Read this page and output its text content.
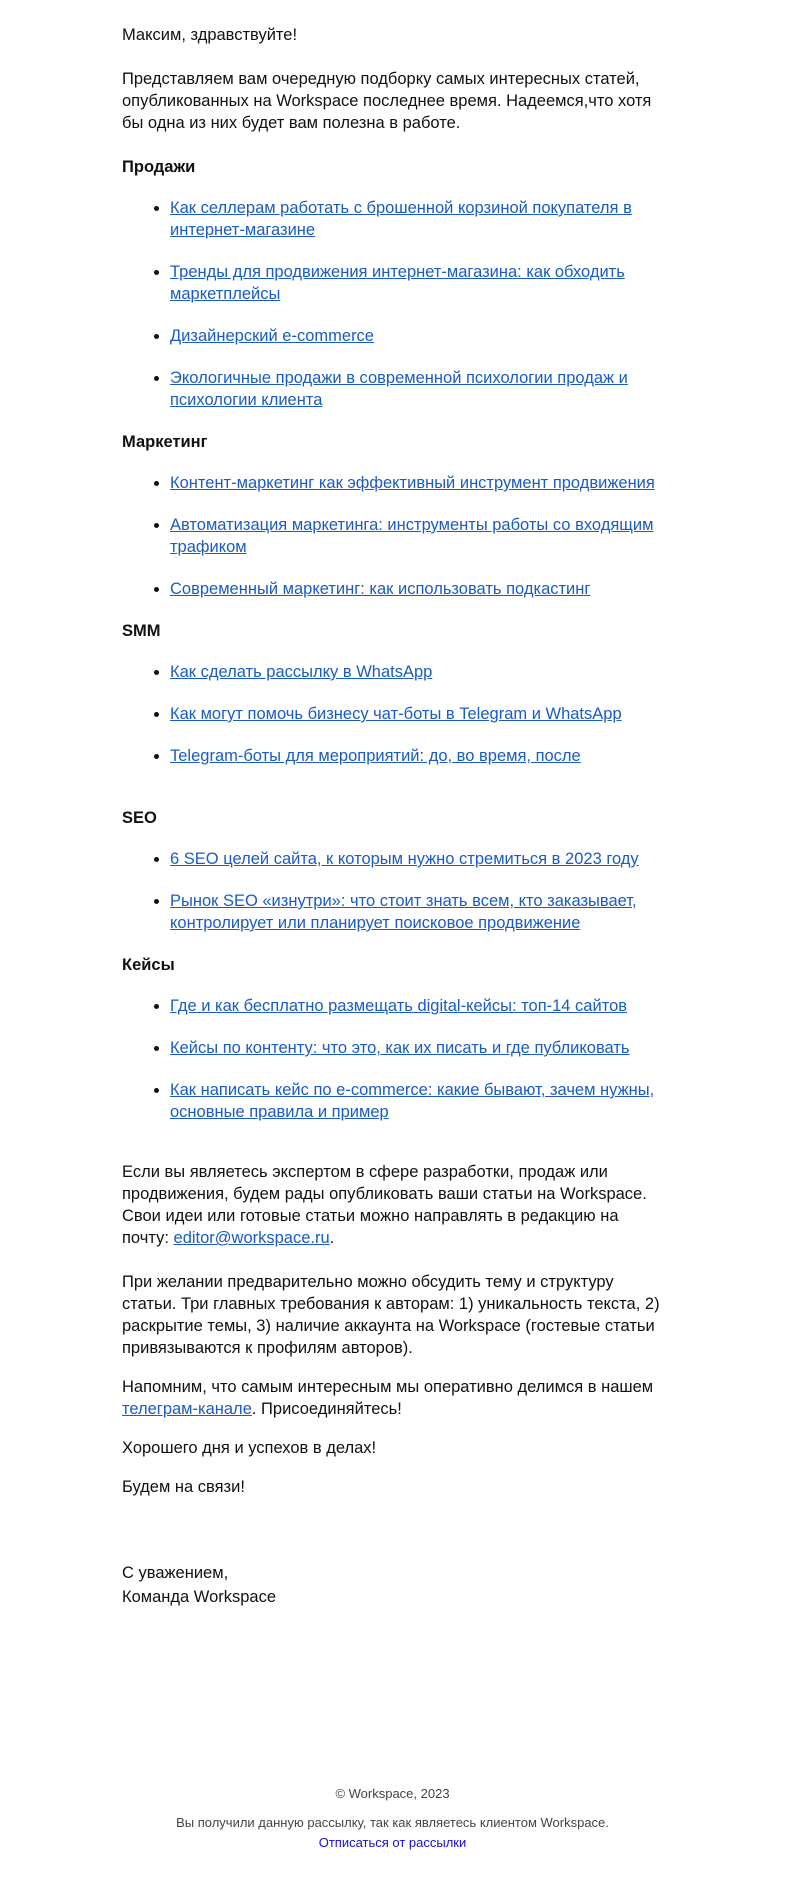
Максим, здравствуйте!

Представляем вам очередную подборку самых интересных статей, опубликованных на Workspace последнее время. Надеемся,что хотя бы одна из них будет вам полезна в работе.

Продажи
• Как селлерам работать с брошенной корзиной покупателя в интернет-магазине
• Тренды для продвижения интернет-магазина: как обходить маркетплейсы
• Дизайнерский e-commerce
• Экологичные продажи в современной психологии продаж и психологии клиента
Маркетинг
• Контент-маркетинг как эффективный инструмент продвижения
• Автоматизация маркетинга: инструменты работы со входящим трафиком
• Современный маркетинг: как использовать подкастинг
SMM
• Как сделать рассылку в WhatsApp
• Как могут помочь бизнесу чат-боты в Telegram и WhatsApp
• Telegram-боты для мероприятий: до, во время, после
SEO
• 6 SEO целей сайта, к которым нужно стремиться в 2023 году
• Рынок SEO «изнутри»: что стоит знать всем, кто заказывает, контролирует или планирует поисковое продвижение
Кейсы
• Где и как бесплатно размещать digital-кейсы: топ-14 сайтов
• Кейсы по контенту: что это, как их писать и где публиковать
• Как написать кейс по e-commerce: какие бывают, зачем нужны, основные правила и пример

Если вы являетесь экспертом в сфере разработки, продаж или продвижения, будем рады опубликовать ваши статьи на Workspace. Свои идеи или готовые статьи можно направлять в редакцию на почту: editor@workspace.ru.

При желании предварительно можно обсудить тему и структуру статьи. Три главных требования к авторам: 1) уникальность текста, 2) раскрытие темы, 3) наличие аккаунта на Workspace (гостевые статьи привязываются к профилям авторов).

Напомним, что самым интересным мы оперативно делимся в нашем телеграм-канале. Присоединяйтесь!

Хорошего дня и успехов в делах!

Будем на связи!

С уважением,
Команда Workspace
© Workspace, 2023
Вы получили данную рассылку, так как являетесь клиентом Workspace.
Отписаться от рассылки
